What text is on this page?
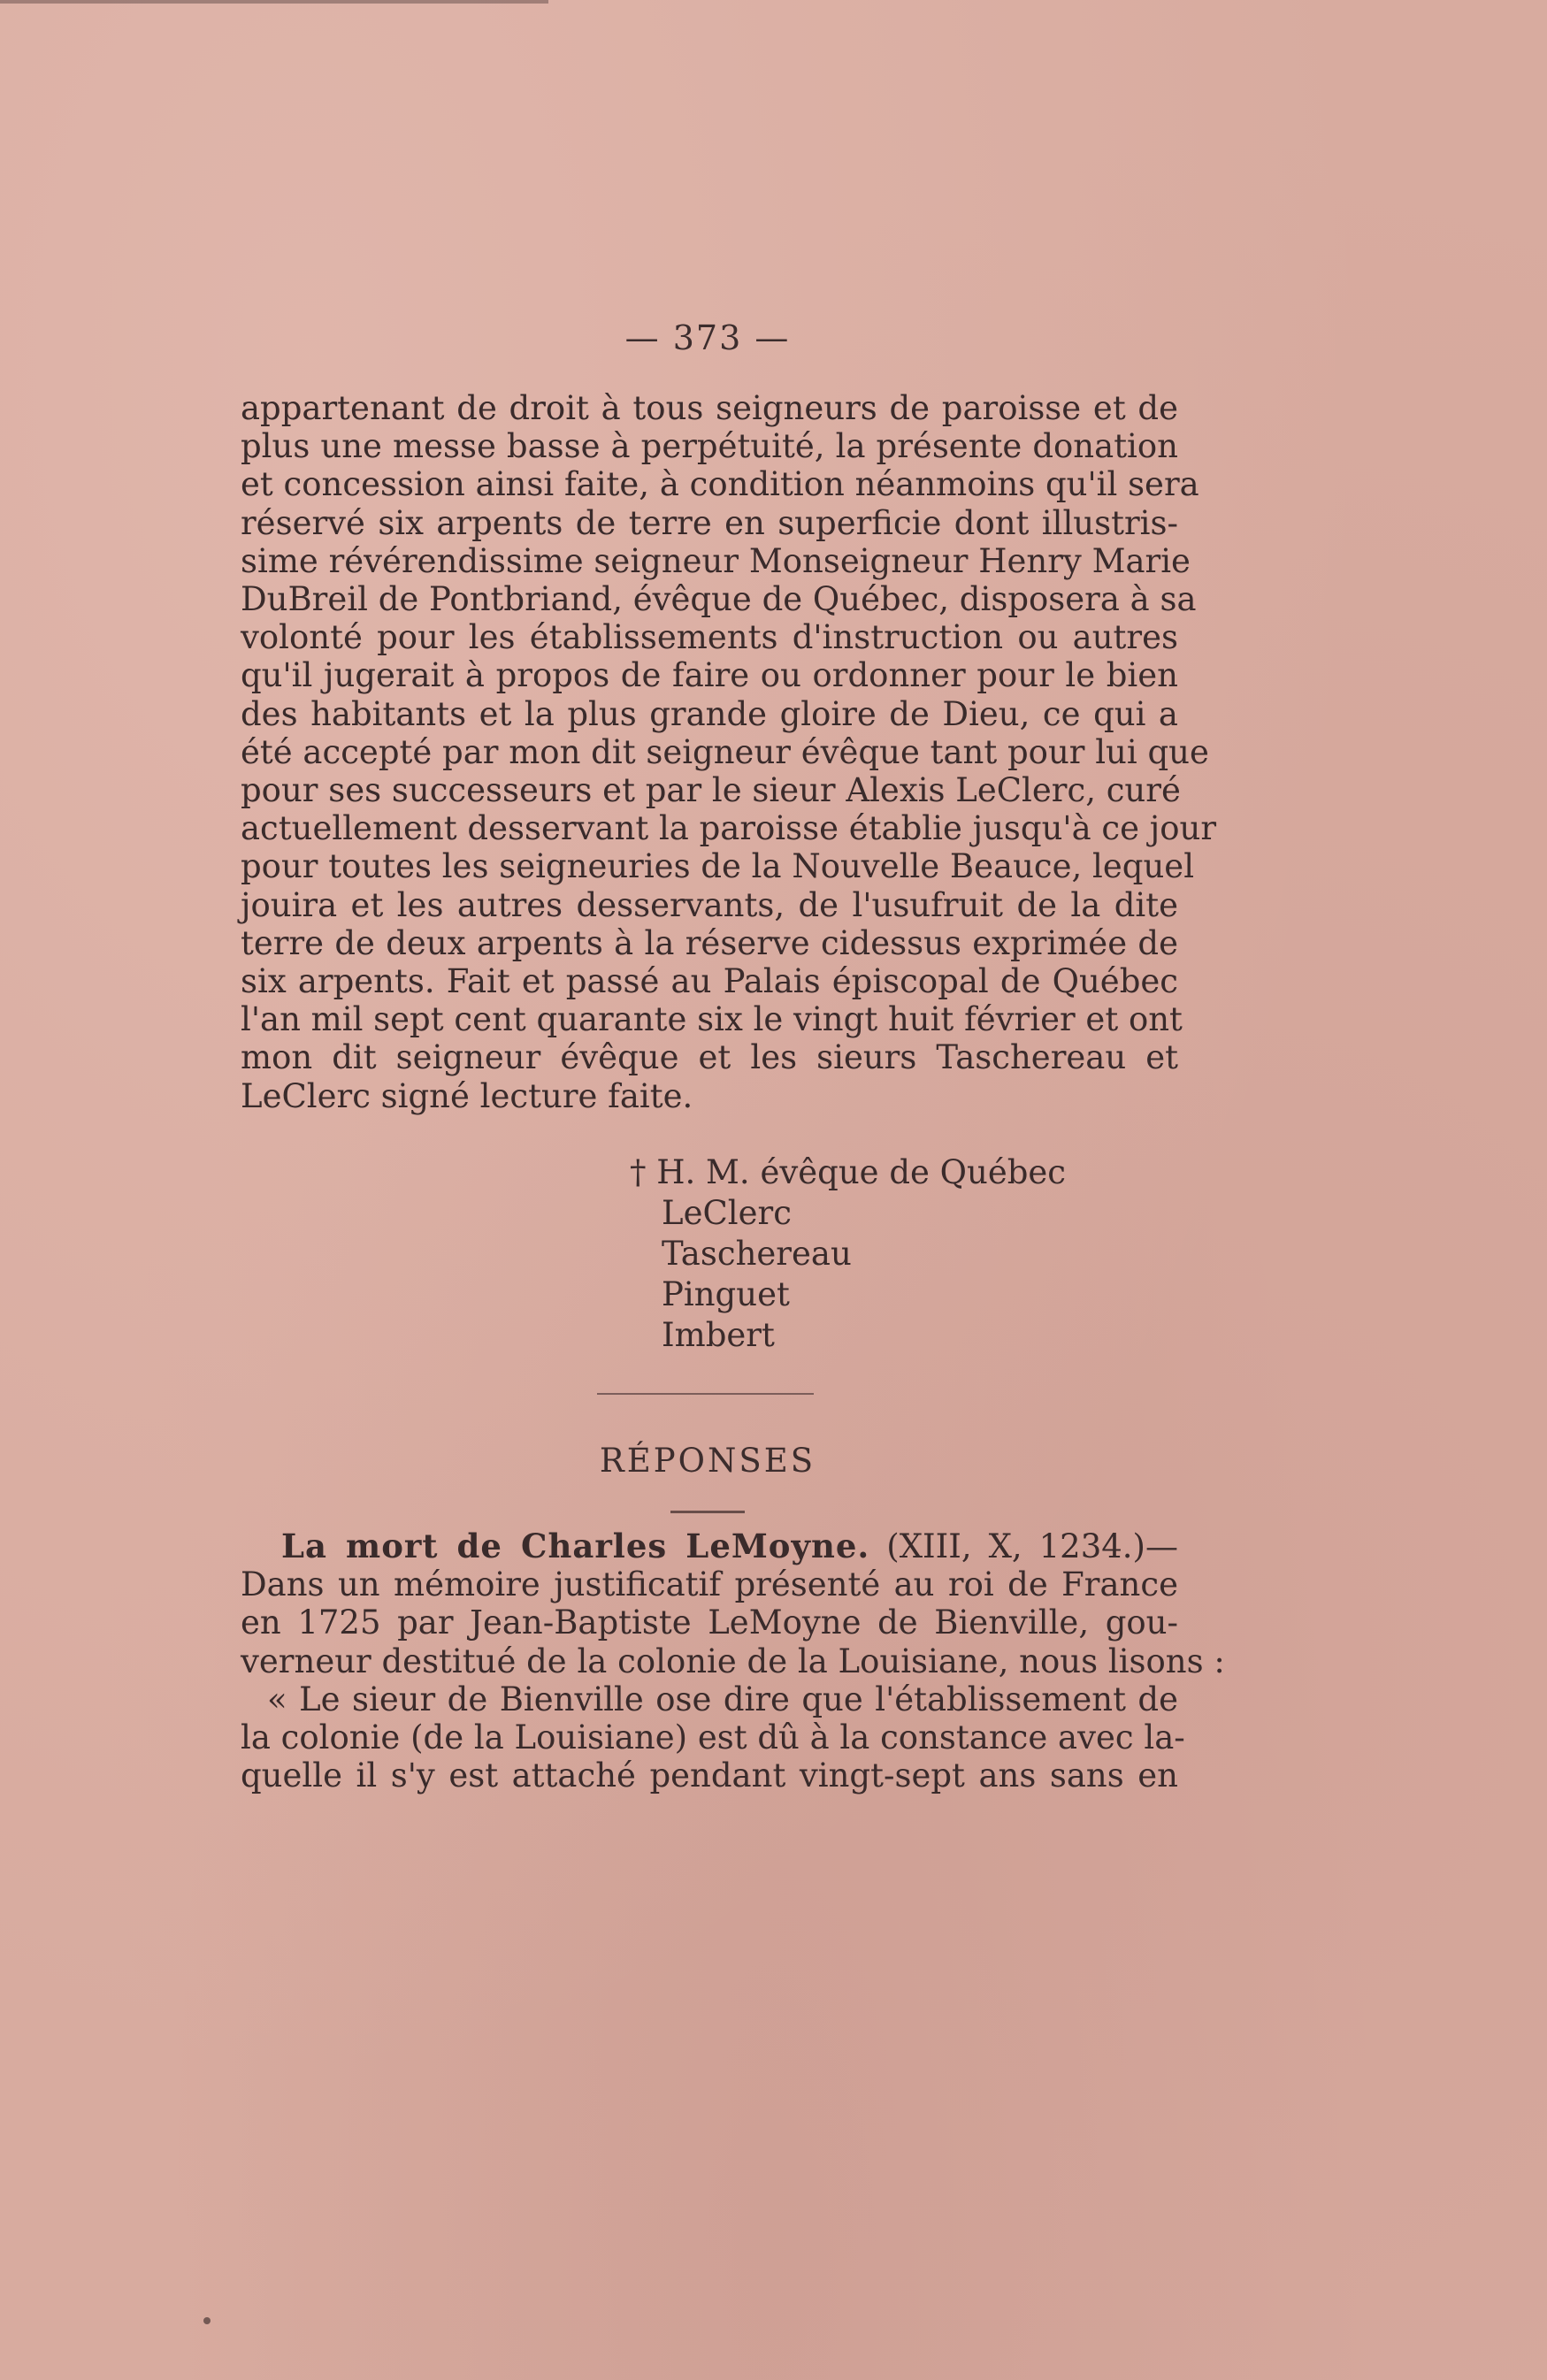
— 373 —
appartenant de droit à tous seigneurs de paroisse et de
plus une messe basse à perpétuité, la présente donation
et concession ainsi faite, à condition néanmoins qu'il sera
réservé six arpents de terre en superficie dont illustris-
sime révérendissime seigneur Monseigneur Henry Marie
DuBreil de Pontbriand, évêque de Québec, disposera à sa
volonté pour les établissements d'instruction ou autres
qu'il jugerait à propos de faire ou ordonner pour le bien
des habitants et la plus grande gloire de Dieu, ce qui a
été accepté par mon dit seigneur évêque tant pour lui que
pour ses successeurs et par le sieur Alexis LeClerc, curé
actuellement desservant la paroisse établie jusqu'à ce jour
pour toutes les seigneuries de la Nouvelle Beauce, lequel
jouira et les autres desservants, de l'usufruit de la dite
terre de deux arpents à la réserve cidessus exprimée de
six arpents. Fait et passé au Palais épiscopal de Québec
l'an mil sept cent quarante six le vingt huit février et ont
mon dit seigneur évêque et les sieurs Taschereau et
LeClerc signé lecture faite.
† H. M. évêque de Québec
LeClerc
Taschereau
Pinguet
Imbert
RÉPONSES
La mort de Charles LeMoyne. (XIII, X, 1234.)—
Dans un mémoire justificatif présenté au roi de France
en 1725 par Jean-Baptiste LeMoyne de Bienville, gou-
verneur destitué de la colonie de la Louisiane, nous lisons :
« Le sieur de Bienville ose dire que l'établissement de
la colonie (de la Louisiane) est dû à la constance avec la-
quelle il s'y est attaché pendant vingt-sept ans sans en
